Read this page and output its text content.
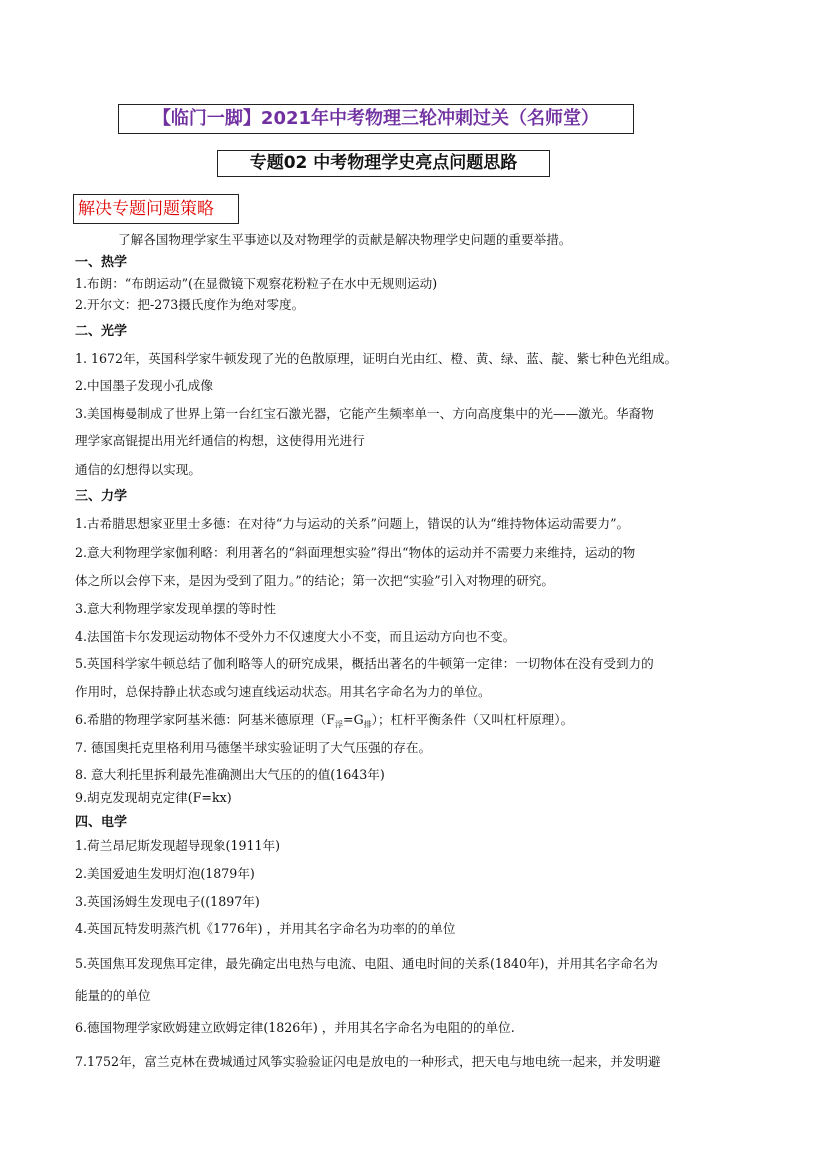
【临门一脚】2021年中考物理三轮冲刺过关（名师堂）
专题02 中考物理学史亮点问题思路
解决专题问题策略
了解各国物理学家生平事迹以及对物理学的贡献是解决物理学史问题的重要举措。
一、热学
1.布朗：“布朗运动”(在显微镜下观察花粉粒子在水中无规则运动)
2.开尔文：把-273摄氏度作为绝对零度。
二、光学
1. 1672年，英国科学家牛顿发现了光的色散原理，证明白光由红、橙、黄、绿、蓝、靛、紫七种色光组成。
2.中国墨子发现小孔成像
3.美国梅曼制成了世界上第一台红宝石激光器，它能产生频率单一、方向高度集中的光——激光。华裔物
理学家高锟提出用光纤通信的构想，这使得用光进行
通信的幻想得以实现。
三、力学
1.古希腊思想家亚里士多德：在对待“力与运动的关系”问题上，错误的认为“维持物体运动需要力”。
2.意大利物理学家伽利略：利用著名的“斜面理想实验”得出“物体的运动并不需要力来维持，运动的物
体之所以会停下来，是因为受到了阻力。”的结论；第一次把“实验”引入对物理的研究。
3.意大利物理学家发现单摆的等时性
4.法国笛卡尔发现运动物体不受外力不仅速度大小不变，而且运动方向也不变。
5.英国科学家牛顿总结了伽利略等人的研究成果，概括出著名的牛顿第一定律：一切物体在没有受到力的
作用时，总保持静止状态或匀速直线运动状态。用其名字命名为力的单位。
6.希腊的物理学家阿基米德：阿基米德原理$(F_浮=G_排)$；杠杆平衡条件（又叫杠杆原理）。
7. 德国奥托克里格利用马德堡半球实验证明了大气压强的存在。
8. 意大利托里拆利最先准确测出大气压的的值(1643年)
9.胡克发现胡克定律(F=kx)
四、电学
1.荷兰昂尼斯发现超导现象(1911年)
2.美国爱迪生发明灯泡(1879年)
3.英国汤姆生发现电子((1897年)
4.英国瓦特发明蒸汽机《1776年) ，并用其名字命名为功率的的单位
5.英国焦耳发现焦耳定律，最先确定出电热与电流、电阻、通电时间的关系(1840年)，并用其名字命名为
能量的的单位
6.德国物理学家欧姆建立欧姆定律(1826年) ，并用其名字命名为电阻的的单位.
7.1752年，富兰克林在费城通过风筝实验验证闪电是放电的一种形式，把天电与地电统一起来，并发明避
